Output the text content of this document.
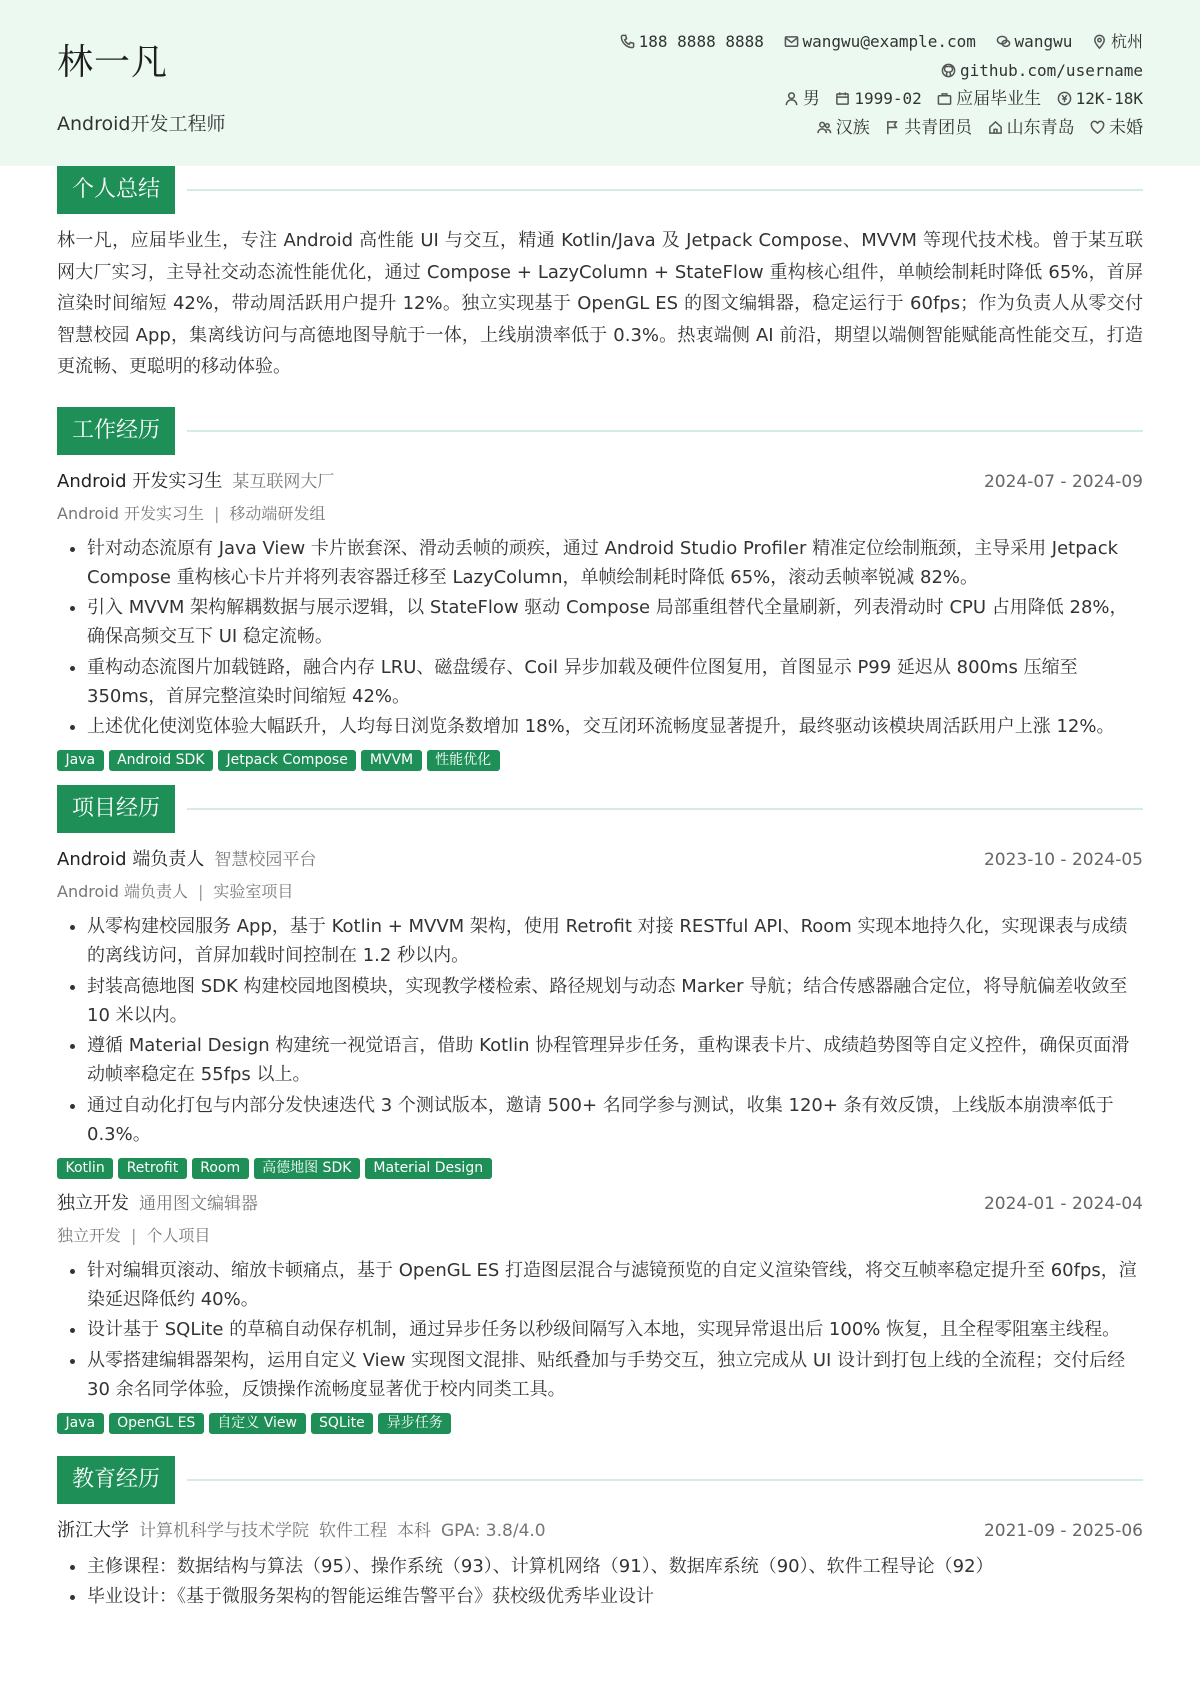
林一凡
Android开发工程师
188 8888 8888 wangwu@example.com wangwu 杭州
github.com/username
男 1999-02 应届毕业生 12K-18K
汉族 共青团员 山东青岛 未婚
个人总结
林一凡，应届毕业生，专注 Android 高性能 UI 与交互，精通 Kotlin/Java 及 Jetpack Compose、MVVM 等现代技术栈。曾于某互联网大厂实习，主导社交动态流性能优化，通过 Compose + LazyColumn + StateFlow 重构核心组件，单帧绘制耗时降低 65%，首屏渲染时间缩短 42%，带动周活跃用户提升 12%。独立实现基于 OpenGL ES 的图文编辑器，稳定运行于 60fps；作为负责人从零交付智慧校园 App，集离线访问与高德地图导航于一体，上线崩溃率低于 0.3%。热衷端侧 AI 前沿，期望以端侧智能赋能高性能交互，打造更流畅、更聪明的移动体验。
工作经历
Android 开发实习生 某互联网大厂	2024-07 - 2024-09
Android 开发实习生 | 移动端研发组
• 针对动态流原有 Java View 卡片嵌套深、滑动丢帧的顽疾，通过 Android Studio Profiler 精准定位绘制瓶颈，主导采用 Jetpack Compose 重构核心卡片并将列表容器迁移至 LazyColumn，单帧绘制耗时降低 65%，滚动丢帧率锐减 82%。
• 引入 MVVM 架构解耦数据与展示逻辑，以 StateFlow 驱动 Compose 局部重组替代全量刷新，列表滑动时 CPU 占用降低 28%，确保高频交互下 UI 稳定流畅。
• 重构动态流图片加载链路，融合内存 LRU、磁盘缓存、Coil 异步加载及硬件位图复用，首图显示 P99 延迟从 800ms 压缩至 350ms，首屏完整渲染时间缩短 42%。
• 上述优化使浏览体验大幅跃升，人均每日浏览条数增加 18%，交互闭环流畅度显著提升，最终驱动该模块周活跃用户上涨 12%。
Java Android SDK Jetpack Compose MVVM 性能优化
项目经历
Android 端负责人 智慧校园平台	2023-10 - 2024-05
Android 端负责人 | 实验室项目
• 从零构建校园服务 App，基于 Kotlin + MVVM 架构，使用 Retrofit 对接 RESTful API、Room 实现本地持久化，实现课表与成绩的离线访问，首屏加载时间控制在 1.2 秒以内。
• 封装高德地图 SDK 构建校园地图模块，实现教学楼检索、路径规划与动态 Marker 导航；结合传感器融合定位，将导航偏差收敛至 10 米以内。
• 遵循 Material Design 构建统一视觉语言，借助 Kotlin 协程管理异步任务，重构课表卡片、成绩趋势图等自定义控件，确保页面滑动帧率稳定在 55fps 以上。
• 通过自动化打包与内部分发快速迭代 3 个测试版本，邀请 500+ 名同学参与测试，收集 120+ 条有效反馈，上线版本崩溃率低于 0.3%。
Kotlin Retrofit Room 高德地图 SDK Material Design
独立开发 通用图文编辑器	2024-01 - 2024-04
独立开发 | 个人项目
• 针对编辑页滚动、缩放卡顿痛点，基于 OpenGL ES 打造图层混合与滤镜预览的自定义渲染管线，将交互帧率稳定提升至 60fps，渲染延迟降低约 40%。
• 设计基于 SQLite 的草稿自动保存机制，通过异步任务以秒级间隔写入本地，实现异常退出后 100% 恢复，且全程零阻塞主线程。
• 从零搭建编辑器架构，运用自定义 View 实现图文混排、贴纸叠加与手势交互，独立完成从 UI 设计到打包上线的全流程；交付后经 30 余名同学体验，反馈操作流畅度显著优于校内同类工具。
Java OpenGL ES 自定义 View SQLite 异步任务
教育经历
浙江大学 计算机科学与技术学院 软件工程 本科 GPA: 3.8/4.0	2021-09 - 2025-06
• 主修课程：数据结构与算法（95）、操作系统（93）、计算机网络（91）、数据库系统（90）、软件工程导论（92）
• 毕业设计：《基于微服务架构的智能运维告警平台》获校级优秀毕业设计
